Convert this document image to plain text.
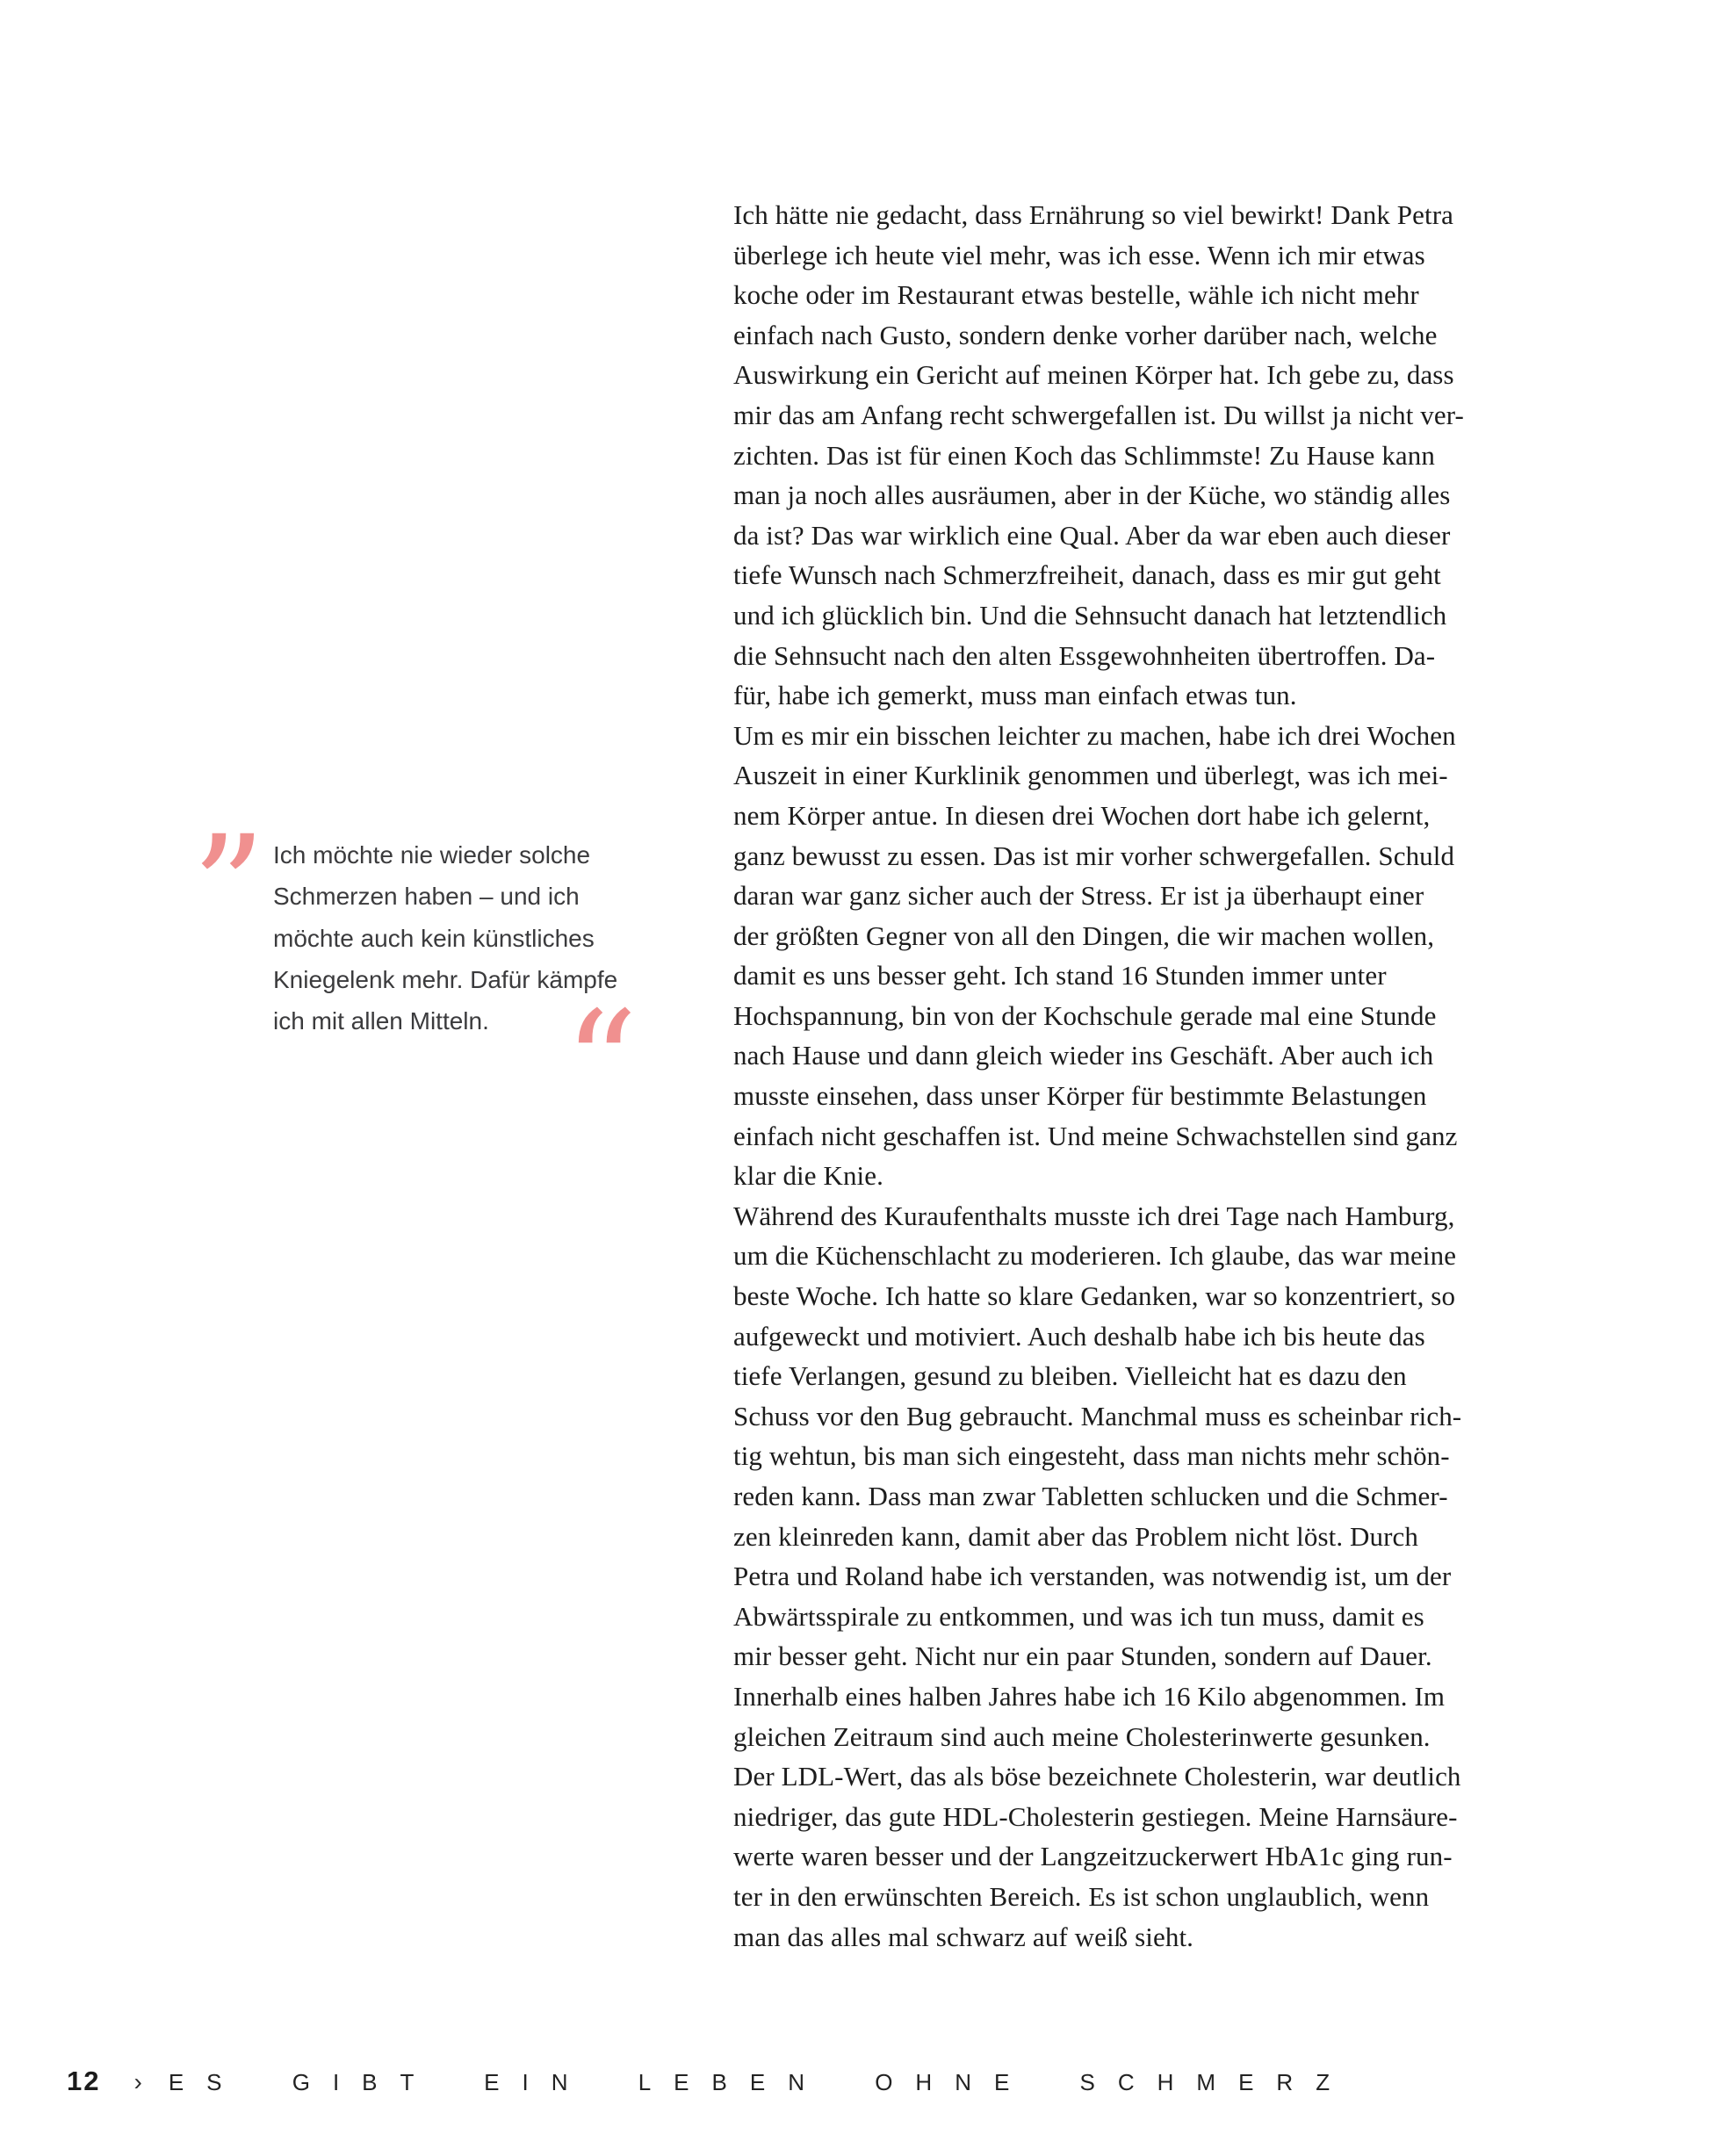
Ich hätte nie gedacht, dass Ernährung so viel bewirkt! Dank Petra
überlege ich heute viel mehr, was ich esse. Wenn ich mir etwas
koche oder im Restaurant etwas bestelle, wähle ich nicht mehr
einfach nach Gusto, sondern denke vorher darüber nach, welche
Auswirkung ein Gericht auf meinen Körper hat. Ich gebe zu, dass
mir das am Anfang recht schwergefallen ist. Du willst ja nicht ver-
zichten. Das ist für einen Koch das Schlimmste! Zu Hause kann
man ja noch alles ausräumen, aber in der Küche, wo ständig alles
da ist? Das war wirklich eine Qual. Aber da war eben auch dieser
tiefe Wunsch nach Schmerzfreiheit, danach, dass es mir gut geht
und ich glücklich bin. Und die Sehnsucht danach hat letztendlich
die Sehnsucht nach den alten Essgewohnheiten übertroffen. Da-
für, habe ich gemerkt, muss man einfach etwas tun.
Um es mir ein bisschen leichter zu machen, habe ich drei Wochen
Auszeit in einer Kurklinik genommen und überlegt, was ich mei-
nem Körper antue. In diesen drei Wochen dort habe ich gelernt,
ganz bewusst zu essen. Das ist mir vorher schwergefallen. Schuld
daran war ganz sicher auch der Stress. Er ist ja überhaupt einer
der größten Gegner von all den Dingen, die wir machen wollen,
damit es uns besser geht. Ich stand 16 Stunden immer unter
Hochspannung, bin von der Kochschule gerade mal eine Stunde
nach Hause und dann gleich wieder ins Geschäft. Aber auch ich
musste einsehen, dass unser Körper für bestimmte Belastungen
einfach nicht geschaffen ist. Und meine Schwachstellen sind ganz
klar die Knie.
Während des Kuraufenthalts musste ich drei Tage nach Hamburg,
um die Küchenschlacht zu moderieren. Ich glaube, das war meine
beste Woche. Ich hatte so klare Gedanken, war so konzentriert, so
aufgeweckt und motiviert. Auch deshalb habe ich bis heute das
tiefe Verlangen, gesund zu bleiben. Vielleicht hat es dazu den
Schuss vor den Bug gebraucht. Manchmal muss es scheinbar rich-
tig wehtun, bis man sich eingesteht, dass man nichts mehr schön-
reden kann. Dass man zwar Tabletten schlucken und die Schmer-
zen kleinreden kann, damit aber das Problem nicht löst. Durch
Petra und Roland habe ich verstanden, was notwendig ist, um der
Abwärtsspirale zu entkommen, und was ich tun muss, damit es
mir besser geht. Nicht nur ein paar Stunden, sondern auf Dauer.
Innerhalb eines halben Jahres habe ich 16 Kilo abgenommen. Im
gleichen Zeitraum sind auch meine Cholesterinwerte gesunken.
Der LDL-Wert, das als böse bezeichnete Cholesterin, war deutlich
niedriger, das gute HDL-Cholesterin gestiegen. Meine Harnsäure-
werte waren besser und der Langzeitzuckerwert HbA1c ging run-
ter in den erwünschten Bereich. Es ist schon unglaublich, wenn
man das alles mal schwarz auf weiß sieht.
” Ich möchte nie wieder solche
Schmerzen haben – und ich
möchte auch kein künstliches
Kniegelenk mehr. Dafür kämpfe
ich mit allen Mitteln. “
12 › ES GIBT EIN LEBEN OHNE SCHMERZ
